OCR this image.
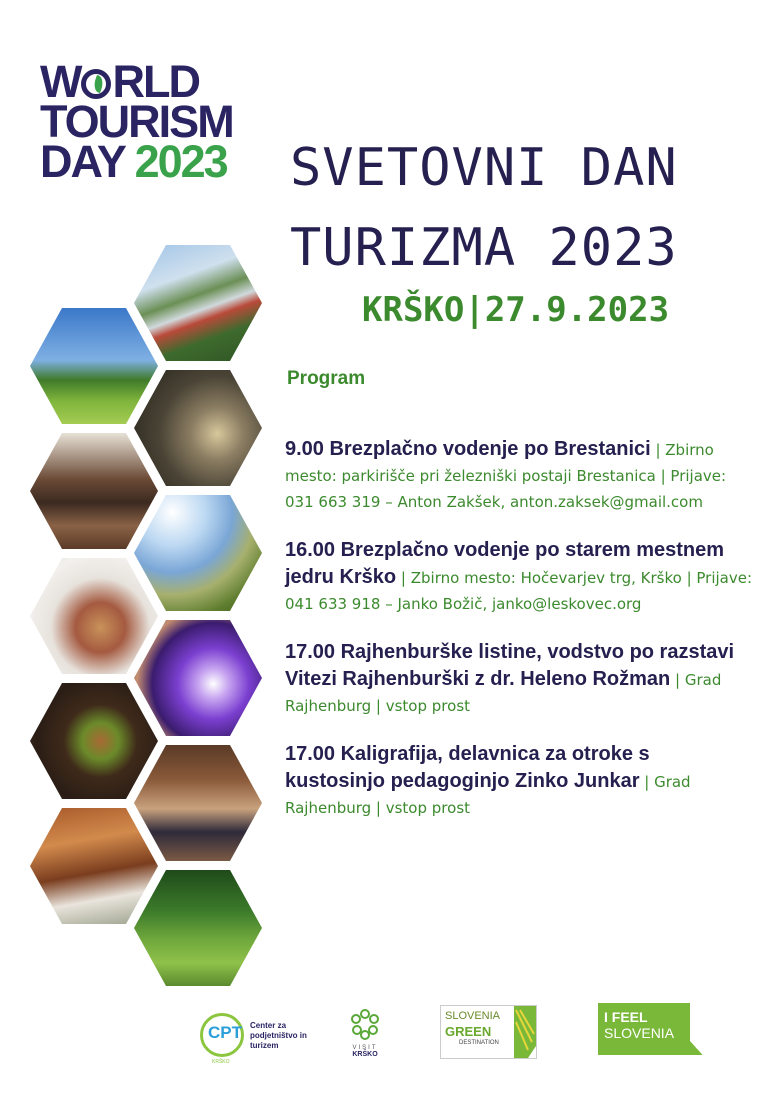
W RLD
TOURISM
DAY 2023	SVETOVNI DAN
TURIZMA 2023
KRŠKO|27.9.2023
Program
9.00 Brezplačno vodenje po Brestanici | Zbirno mesto: parkirišče pri železniški postaji Brestanica | Prijave: 031 663 319 – Anton Zakšek, anton.zaksek@gmail.com
16.00 Brezplačno vodenje po starem mestnem jedru Krško | Zbirno mesto: Hočevarjev trg, Krško | Prijave: 041 633 918 – Janko Božič, janko@leskovec.org
17.00 Rajhenburške listine, vodstvo po razstavi Vitezi Rajhenburški z dr. Heleno Rožman | Grad Rajhenburg | vstop prost
17.00 Kaligrafija, delavnica za otroke s kustosinjo pedagoginjo Zinko Junkar | Grad Rajhenburg | vstop prost
CPT Center za podjetništvo in turizem
KRŠKO
VISIT
KRŠKO
SLOVENIA
GREEN
DESTINATION
I FEEL
SLOVENIA
